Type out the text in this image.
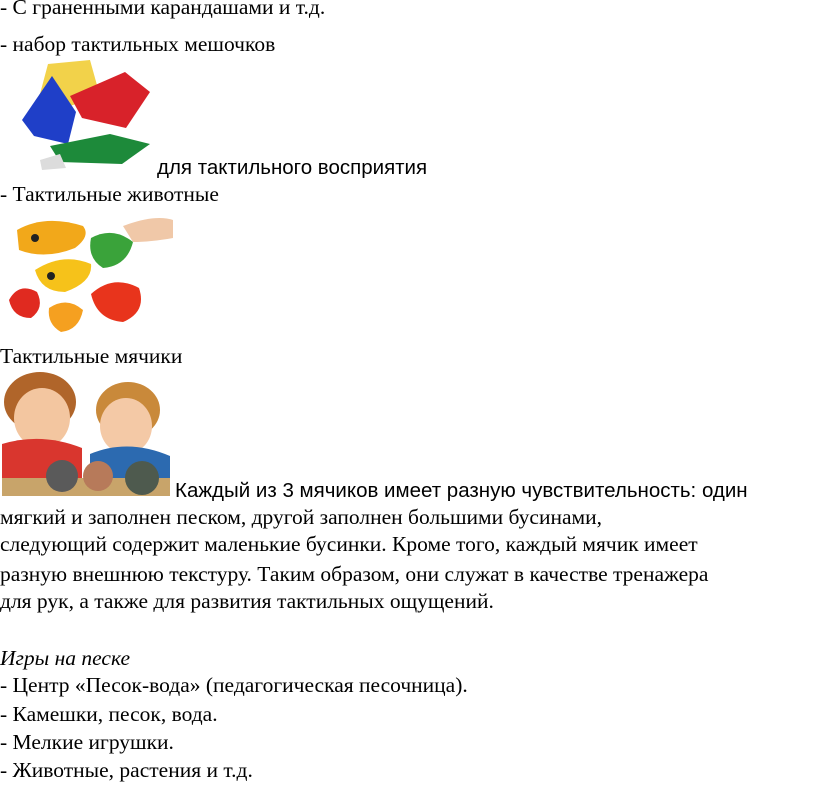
- С граненными карандашами и т.д.
- набор тактильных мешочков
для тактильного восприятия
- Тактильные животные
Тактильные мячики
Каждый из 3 мячиков имеет разную чувствительность: один
мягкий и заполнен песком, другой заполнен большими бусинами,
следующий содержит маленькие бусинки. Кроме того, каждый мячик имеет
разную внешнюю текстуру. Таким образом, они служат в качестве тренажера
для рук, а также для развития тактильных ощущений.
Игры на песке
- Центр «Песок-вода» (педагогическая песочница).
- Камешки, песок, вода.
- Мелкие игрушки.
- Животные, растения и т.д.
